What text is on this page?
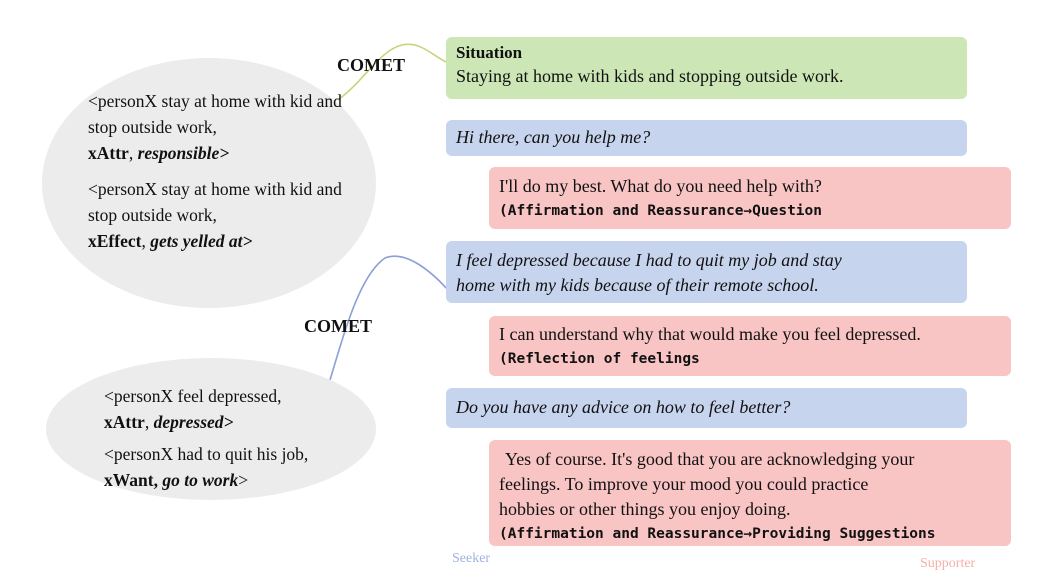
<personX stay at home with kid and stop outside work,
xAttr, responsible>

<personX stay at home with kid and stop outside work,
xEffect, gets yelled at>

<personX feel depressed,
xAttr, depressed>

<personX had to quit his job,
xWant, go to work>

COMET
COMET
Situation
Staying at home with kids and stopping outside work.
Hi there, can you help me?
I'll do my best. What do you need help with?
(Affirmation and Reassurance→Question
I feel depressed because I had to quit my job and stay
home with my kids because of their remote school.
I can understand why that would make you feel depressed.
(Reflection of feelings
Do you have any advice on how to feel better?
Yes of course. It's good that you are acknowledging your
feelings. To improve your mood you could practice
hobbies or other things you enjoy doing.
(Affirmation and Reassurance→Providing Suggestions
Seeker	Supporter
